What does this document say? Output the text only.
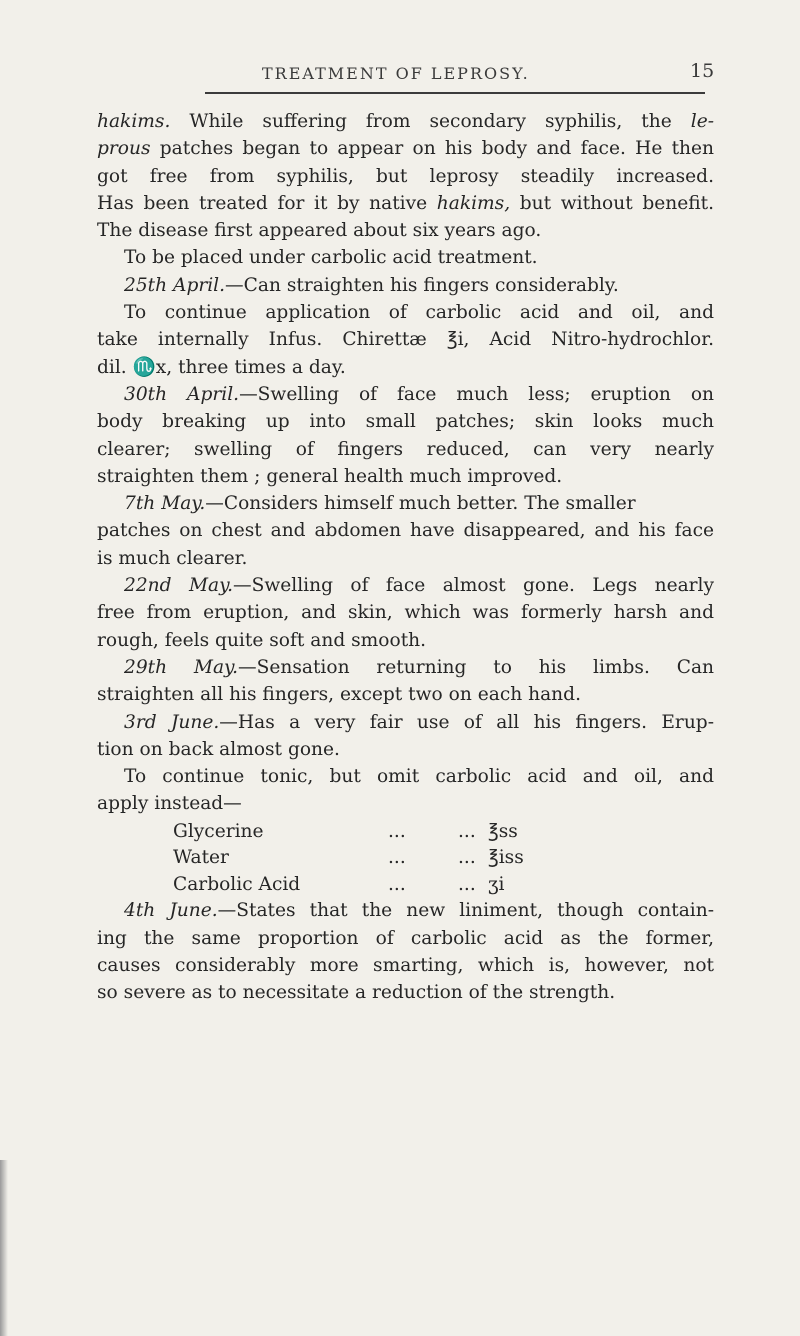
TREATMENT OF LEPROSY.	15
hakims. While suffering from secondary syphilis, the le-
prous patches began to appear on his body and face. He then
got free from syphilis, but leprosy steadily increased.
Has been treated for it by native hakims, but without benefit.
The disease first appeared about six years ago.
To be placed under carbolic acid treatment.
25th April. —Can straighten his fingers considerably.
To continue application of carbolic acid and oil, and
take internally Infus. Chirettæ ℥i, Acid Nitro-hydrochlor.
dil. ♏x, three times a day.
30th April.—Swelling of face much less; eruption on
body breaking up into small patches; skin looks much
clearer; swelling of fingers reduced, can very nearly
straighten them ; general health much improved.
7th May. —Considers himself much better. The smaller
patches on chest and abdomen have disappeared, and his face
is much clearer.
22nd May.—Swelling of face almost gone. Legs nearly
free from eruption, and skin, which was formerly harsh and
rough, feels quite soft and smooth.
29th May.—Sensation returning to his limbs. Can
straighten all his fingers, except two on each hand.
3rd June.—Has a very fair use of all his fingers. Erup-
tion on back almost gone.
To continue tonic, but omit carbolic acid and oil, and
apply instead—
Glycerine	...	... ℥ss
Water	...	... ℥iss
Carbolic Acid	...	... ʒi
4th June.—States that the new liniment, though contain-
ing the same proportion of carbolic acid as the former,
causes considerably more smarting, which is, however, not
so severe as to necessitate a reduction of the strength.
